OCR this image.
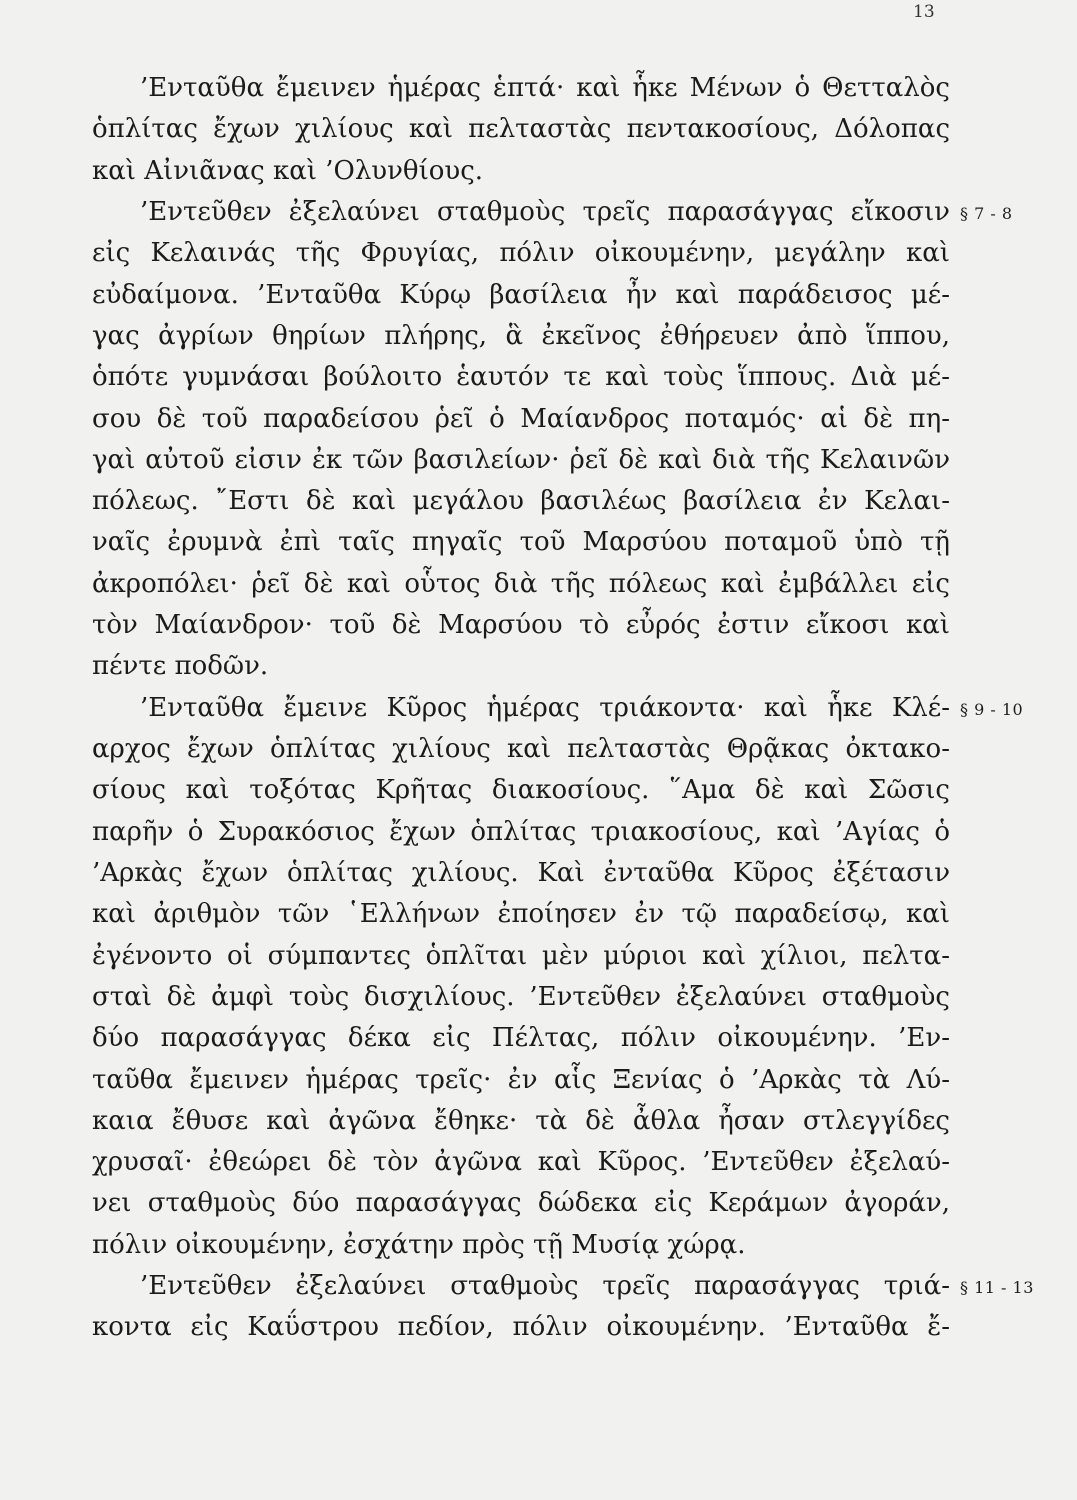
13
’Ενταῦθα ἔμεινεν ἡμέρας ἑπτά· καὶ ἧκε Μένων ὁ Θετταλὸς
ὁπλίτας ἔχων χιλίους καὶ πελταστὰς πεντακοσίους, Δόλοπας
καὶ Αἰνιᾶνας καὶ ’Ολυνθίους.
’Εντεῦθεν ἐξελαύνει σταθμοὺς τρεῖς παρασάγγας εἴκοσιν
εἰς Κελαινάς τῆς Φρυγίας, πόλιν οἰκουμένην, μεγάλην καὶ
εὐδαίμονα. ’Ενταῦθα Κύρῳ βασίλεια ἦν καὶ παράδεισος μέ-
γας ἀγρίων θηρίων πλήρης, ἃ ἐκεῖνος ἐθήρευεν ἀπὸ ἵππου,
ὁπότε γυμνάσαι βούλοιτο ἑαυτόν τε καὶ τοὺς ἵππους. Διὰ μέ-
σου δὲ τοῦ παραδείσου ῥεῖ ὁ Μαίανδρος ποταμός· αἱ δὲ πη-
γαὶ αὐτοῦ εἰσιν ἐκ τῶν βασιλείων· ῥεῖ δὲ καὶ διὰ τῆς Κελαινῶν
πόλεως. ῎Εστι δὲ καὶ μεγάλου βασιλέως βασίλεια ἐν Κελαι-
ναῖς ἐρυμνὰ ἐπὶ ταῖς πηγαῖς τοῦ Μαρσύου ποταμοῦ ὑπὸ τῇ
ἀκροπόλει· ῥεῖ δὲ καὶ οὗτος διὰ τῆς πόλεως καὶ ἐμβάλλει εἰς
τὸν Μαίανδρον· τοῦ δὲ Μαρσύου τὸ εὖρός ἐστιν εἴκοσι καὶ
πέντε ποδῶν.
’Ενταῦθα ἔμεινε Κῦρος ἡμέρας τριάκοντα· καὶ ἧκε Κλέ-
αρχος ἔχων ὁπλίτας χιλίους καὶ πελταστὰς Θρᾷκας ὀκτακο-
σίους καὶ τοξότας Κρῆτας διακοσίους. ῞Αμα δὲ καὶ Σῶσις
παρῆν ὁ Συρακόσιος ἔχων ὁπλίτας τριακοσίους, καὶ ’Αγίας ὁ
’Αρκὰς ἔχων ὁπλίτας χιλίους. Καὶ ἐνταῦθα Κῦρος ἐξέτασιν
καὶ ἀριθμὸν τῶν ῾Ελλήνων ἐποίησεν ἐν τῷ παραδείσῳ, καὶ
ἐγένοντο οἱ σύμπαντες ὁπλῖται μὲν μύριοι καὶ χίλιοι, πελτα-
σταὶ δὲ ἀμφὶ τοὺς δισχιλίους. ’Εντεῦθεν ἐξελαύνει σταθμοὺς
δύο παρασάγγας δέκα εἰς Πέλτας, πόλιν οἰκουμένην. ’Εν-
ταῦθα ἔμεινεν ἡμέρας τρεῖς· ἐν αἷς Ξενίας ὁ ’Αρκὰς τὰ Λύ-
καια ἔθυσε καὶ ἀγῶνα ἔθηκε· τὰ δὲ ἆθλα ἦσαν στλεγγίδες
χρυσαῖ· ἐθεώρει δὲ τὸν ἀγῶνα καὶ Κῦρος. ’Εντεῦθεν ἐξελαύ-
νει σταθμοὺς δύο παρασάγγας δώδεκα εἰς Κεράμων ἀγοράν,
πόλιν οἰκουμένην, ἐσχάτην πρὸς τῇ Μυσίᾳ χώρᾳ.
’Εντεῦθεν ἐξελαύνει σταθμοὺς τρεῖς παρασάγγας τριά-
κοντα εἰς Καΰστρου πεδίον, πόλιν οἰκουμένην. ’Ενταῦθα ἔ-
§ 7 - 8
§ 9 - 10
§ 11 - 13
